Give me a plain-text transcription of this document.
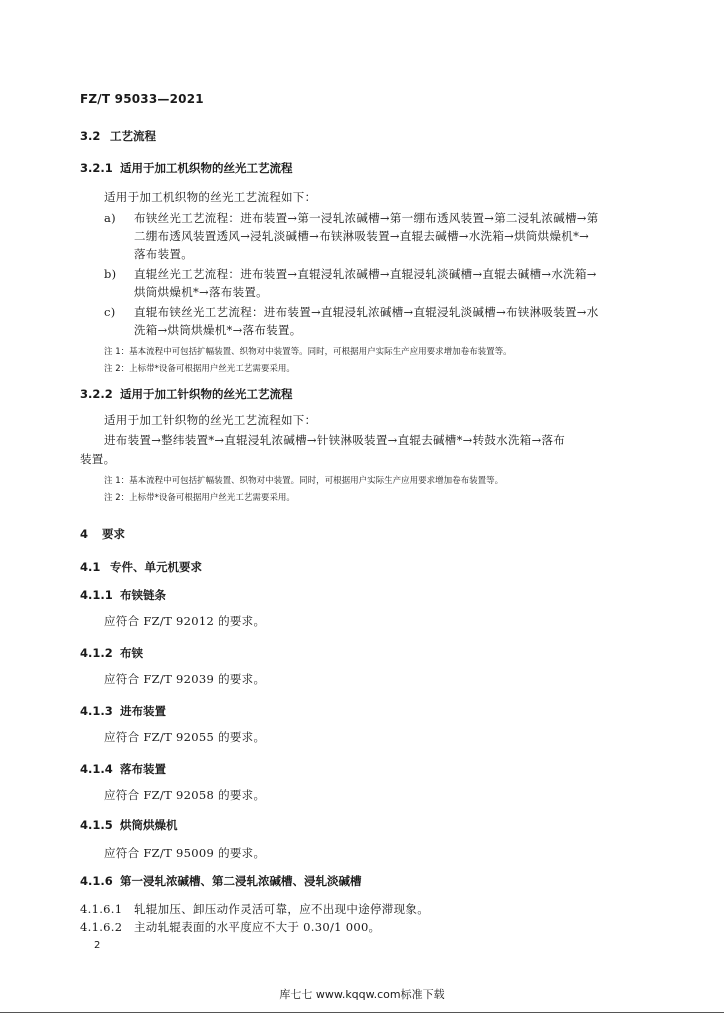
FZ/T 95033—2021
3.2 工艺流程
3.2.1 适用于加工机织物的丝光工艺流程
适用于加工机织物的丝光工艺流程如下：
a) 布铗丝光工艺流程：进布装置→第一浸轧浓碱槽→第一绷布透风装置→第二浸轧浓碱槽→第
二绷布透风装置透风→浸轧淡碱槽→布铗淋吸装置→直辊去碱槽→水洗箱→烘筒烘燥机*→
落布装置。
b) 直辊丝光工艺流程：进布装置→直辊浸轧浓碱槽→直辊浸轧淡碱槽→直辊去碱槽→水洗箱→
烘筒烘燥机*→落布装置。
c) 直辊布铗丝光工艺流程：进布装置→直辊浸轧浓碱槽→直辊浸轧淡碱槽→布铗淋吸装置→水
洗箱→烘筒烘燥机*→落布装置。
注 1：基本流程中可包括扩幅装置、织物对中装置等。同时，可根据用户实际生产应用要求增加卷布装置等。
注 2：上标带*设备可根据用户丝光工艺需要采用。
3.2.2 适用于加工针织物的丝光工艺流程
适用于加工针织物的丝光工艺流程如下：
进布装置→整纬装置*→直辊浸轧浓碱槽→针铗淋吸装置→直辊去碱槽*→转鼓水洗箱→落布
装置。
注 1：基本流程中可包括扩幅装置、织物对中装置。同时，可根据用户实际生产应用要求增加卷布装置等。
注 2：上标带*设备可根据用户丝光工艺需要采用。
4 要求
4.1 专件、单元机要求
4.1.1 布铗链条
应符合 FZ/T 92012 的要求。
4.1.2 布铗
应符合 FZ/T 92039 的要求。
4.1.3 进布装置
应符合 FZ/T 92055 的要求。
4.1.4 落布装置
应符合 FZ/T 92058 的要求。
4.1.5 烘筒烘燥机
应符合 FZ/T 95009 的要求。
4.1.6 第一浸轧浓碱槽、第二浸轧浓碱槽、浸轧淡碱槽
4.1.6.1 轧辊加压、卸压动作灵活可靠，应不出现中途停滞现象。
4.1.6.2 主动轧辊表面的水平度应不大于 0.30/1 000。
2
库七七 www.kqqw.com标准下载
